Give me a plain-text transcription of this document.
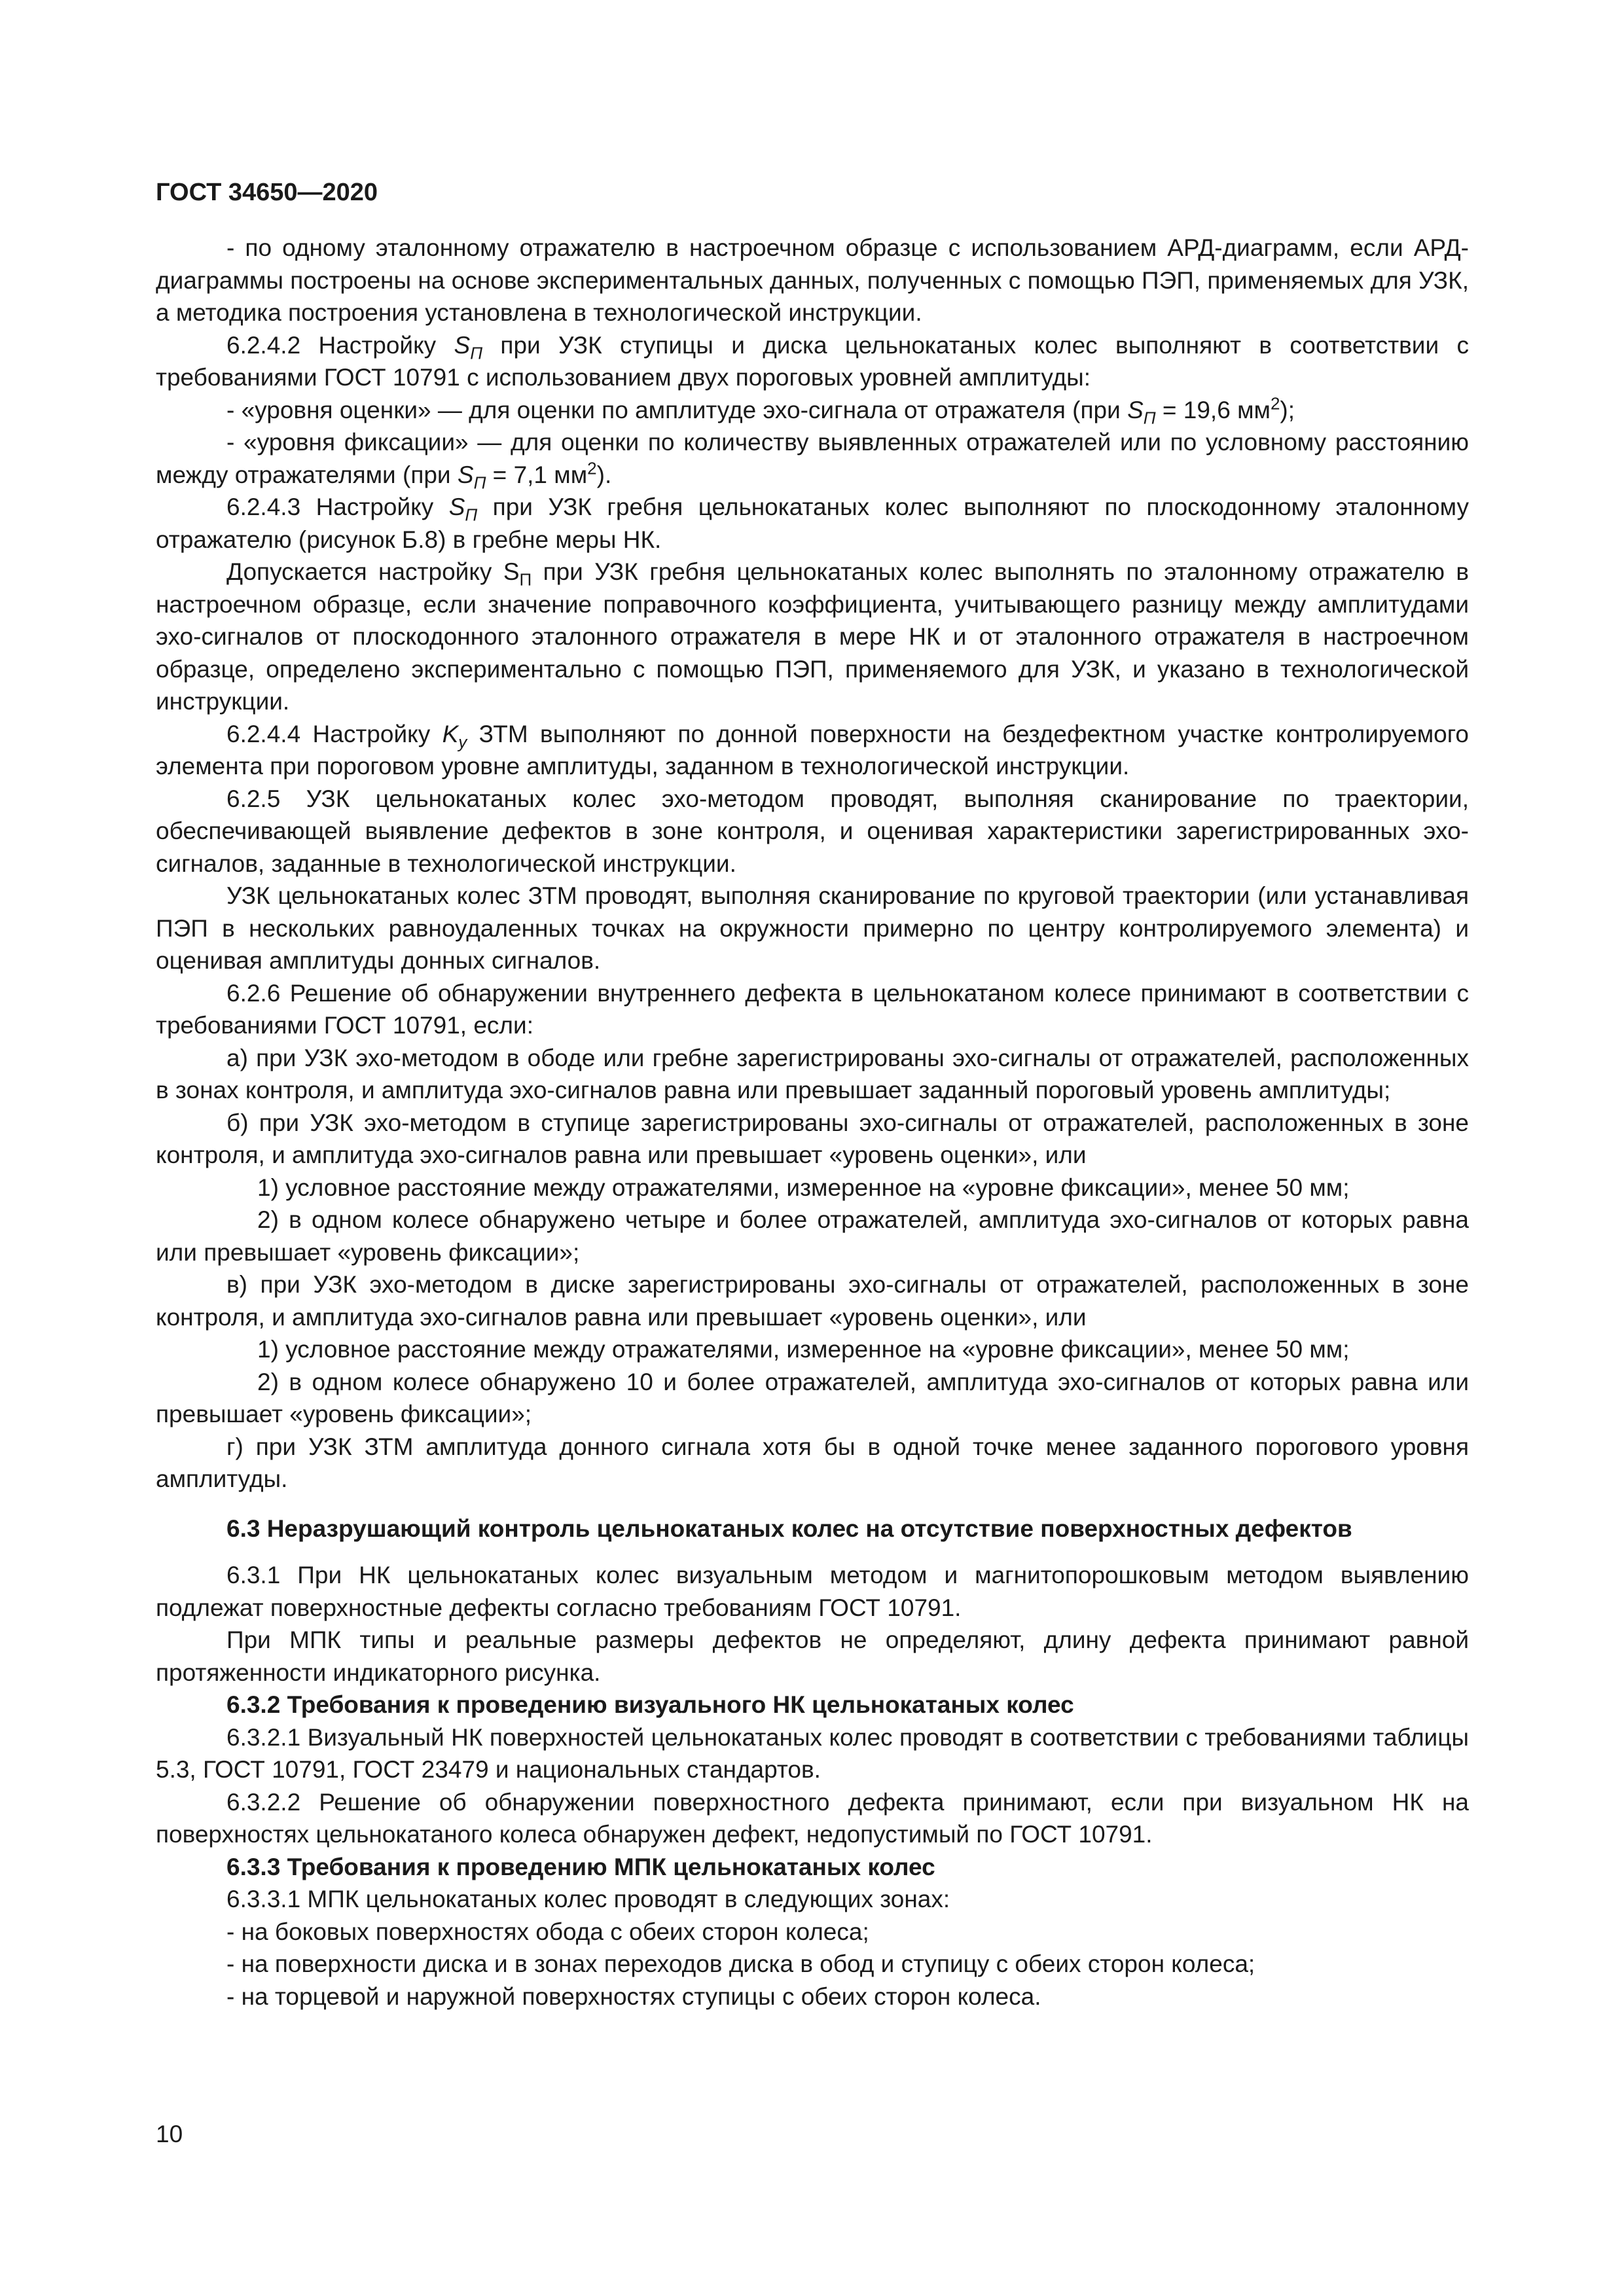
ГОСТ 34650—2020

- по одному эталонному отражателю в настроечном образце с использованием АРД-диаграмм, если АРД-диаграммы построены на основе экспериментальных данных, полученных с помощью ПЭП, применяемых для УЗК, а методика построения установлена в технологической инструкции.

6.2.4.2 Настройку $S_П$ при УЗК ступицы и диска цельнокатаных колес выполняют в соответствии с требованиями ГОСТ 10791 с использованием двух пороговых уровней амплитуды:

- «уровня оценки» — для оценки по амплитуде эхо-сигнала от отражателя (при $S_П = 19,6$ $мм^2$);

- «уровня фиксации» — для оценки по количеству выявленных отражателей или по условному расстоянию между отражателями (при $S_П = 7,1$ $мм^2$).

6.2.4.3 Настройку $S_П$ при УЗК гребня цельнокатаных колес выполняют по плоскодонному эталонному отражателю (рисунок Б.8) в гребне меры НК.

Допускается настройку $S_П$ при УЗК гребня цельнокатаных колес выполнять по эталонному отражателю в настроечном образце, если значение поправочного коэффициента, учитывающего разницу между амплитудами эхо-сигналов от плоскодонного эталонного отражателя в мере НК и от эталонного отражателя в настроечном образце, определено экспериментально с помощью ПЭП, применяемого для УЗК, и указано в технологической инструкции.

6.2.4.4 Настройку $K_у$ ЗТМ выполняют по донной поверхности на бездефектном участке контролируемого элемента при пороговом уровне амплитуды, заданном в технологической инструкции.

6.2.5 УЗК цельнокатаных колес эхо-методом проводят, выполняя сканирование по траектории, обеспечивающей выявление дефектов в зоне контроля, и оценивая характеристики зарегистрированных эхо-сигналов, заданные в технологической инструкции.

УЗК цельнокатаных колес ЗТМ проводят, выполняя сканирование по круговой траектории (или устанавливая ПЭП в нескольких равноудаленных точках на окружности примерно по центру контролируемого элемента) и оценивая амплитуды донных сигналов.

6.2.6 Решение об обнаружении внутреннего дефекта в цельнокатаном колесе принимают в соответствии с требованиями ГОСТ 10791, если:

а) при УЗК эхо-методом в ободе или гребне зарегистрированы эхо-сигналы от отражателей, расположенных в зонах контроля, и амплитуда эхо-сигналов равна или превышает заданный пороговый уровень амплитуды;

б) при УЗК эхо-методом в ступице зарегистрированы эхо-сигналы от отражателей, расположенных в зоне контроля, и амплитуда эхо-сигналов равна или превышает «уровень оценки», или

1) условное расстояние между отражателями, измеренное на «уровне фиксации», менее 50 мм;

2) в одном колесе обнаружено четыре и более отражателей, амплитуда эхо-сигналов от которых равна или превышает «уровень фиксации»;

в) при УЗК эхо-методом в диске зарегистрированы эхо-сигналы от отражателей, расположенных в зоне контроля, и амплитуда эхо-сигналов равна или превышает «уровень оценки», или

1) условное расстояние между отражателями, измеренное на «уровне фиксации», менее 50 мм;

2) в одном колесе обнаружено 10 и более отражателей, амплитуда эхо-сигналов от которых равна или превышает «уровень фиксации»;

г) при УЗК ЗТМ амплитуда донного сигнала хотя бы в одной точке менее заданного порогового уровня амплитуды.

6.3 Неразрушающий контроль цельнокатаных колес на отсутствие поверхностных дефектов

6.3.1 При НК цельнокатаных колес визуальным методом и магнитопорошковым методом выявлению подлежат поверхностные дефекты согласно требованиям ГОСТ 10791.

При МПК типы и реальные размеры дефектов не определяют, длину дефекта принимают равной протяженности индикаторного рисунка.

6.3.2 Требования к проведению визуального НК цельнокатаных колес

6.3.2.1 Визуальный НК поверхностей цельнокатаных колес проводят в соответствии с требованиями таблицы 5.3, ГОСТ 10791, ГОСТ 23479 и национальных стандартов.

6.3.2.2 Решение об обнаружении поверхностного дефекта принимают, если при визуальном НК на поверхностях цельнокатаного колеса обнаружен дефект, недопустимый по ГОСТ 10791.

6.3.3 Требования к проведению МПК цельнокатаных колес

6.3.3.1 МПК цельнокатаных колес проводят в следующих зонах:

- на боковых поверхностях обода с обеих сторон колеса;

- на поверхности диска и в зонах переходов диска в обод и ступицу с обеих сторон колеса;

- на торцевой и наружной поверхностях ступицы с обеих сторон колеса.

10
